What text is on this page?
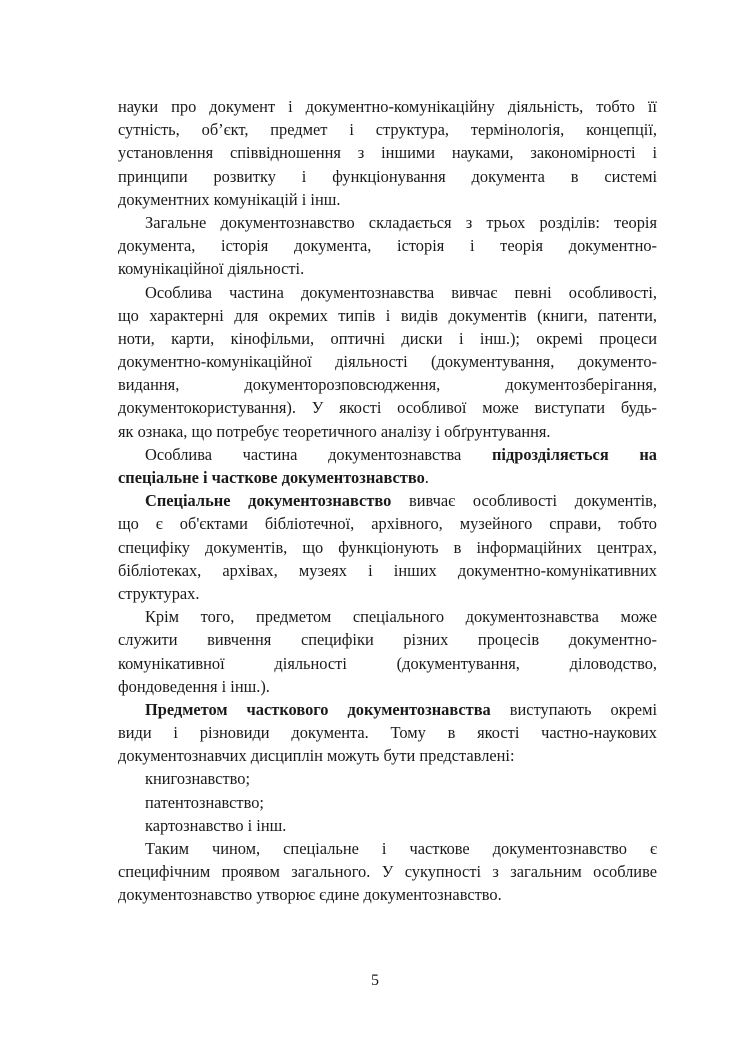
науки про документ і документно-комунікаційну діяльність, тобто її
сутність, об’єкт, предмет і структура, термінологія, концепції,
установлення співвідношення з іншими науками, закономірності і
принципи розвитку і функціонування документа в системі
документних комунікацій і інш.
Загальне документознавство складається з трьох розділів: теорія
документа, історія документа, історія і теорія документно-
комунікаційної діяльності.
Особлива частина документознавства вивчає певні особливості,
що характерні для окремих типів і видів документів (книги, патенти,
ноти, карти, кінофільми, оптичні диски і інш.); окремі процеси
документно-комунікаційної діяльності (документування, документо-
видання, документорозповсюдження, документозберігання,
документокористування). У якості особливої може виступати будь-
як ознака, що потребує теоретичного аналізу і обґрунтування.
Особлива частина документознавства підрозділяється на
спеціальне і часткове документознавство.
Спеціальне документознавство вивчає особливості документів,
що є об'єктами бібліотечної, архівного, музейного справи, тобто
специфіку документів, що функціонують в інформаційних центрах,
бібліотеках, архівах, музеях і інших документно-комунікативних
структурах.
Крім того, предметом спеціального документознавства може
служити вивчення специфіки різних процесів документно-
комунікативної діяльності (документування, діловодство,
фондоведення і інш.).
Предметом часткового документознавства виступають окремі
види і різновиди документа. Тому в якості частно-наукових
документознавчих дисциплін можуть бути представлені:
книгознавство;
патентознавство;
картознавство і інш.
Таким чином, спеціальне і часткове документознавство є
специфічним проявом загального. У сукупності з загальним особливе
документознавство утворює єдине документознавство.
5
